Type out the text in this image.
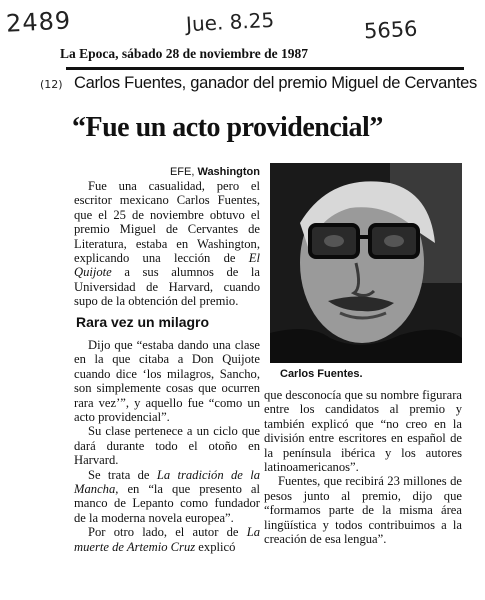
2489	Jue. 8.25	5656
(12)
La Epoca, sábado 28 de noviembre de 1987
Carlos Fuentes, ganador del premio Miguel de Cervantes
“Fue un acto providencial”
EFE, Washington

Fue una casualidad, pero el escritor mexicano Carlos Fuentes, que el 25 de noviembre obtuvo el premio Miguel de Cervantes de Literatura, estaba en Washington, explicando una lección de El Quijote a sus alumnos de la Universidad de Harvard, cuando supo de la obtención del premio.

Rara vez un milagro

Dijo que “estaba dando una clase en la que citaba a Don Quijote cuando dice ‘los milagros, Sancho, son simplemente cosas que ocurren rara vez’”, y aquello fue “como un acto providencial”.

Su clase pertenece a un ciclo que dará durante todo el otoño en Harvard.

Se trata de La tradición de la Mancha, en “la que presento al manco de Lepanto como fundador de la moderna novela europea”.

Por otro lado, el autor de La muerte de Artemio Cruz explicó

Carlos Fuentes.

que desconocía que su nombre figurara entre los candidatos al premio y también explicó que “no creo en la división entre escritores en español de la península ibérica y los autores latinoamericanos”.

Fuentes, que recibirá 23 millones de pesos junto al premio, dijo que “formamos parte de la misma área lingüística y todos contribuimos a la creación de esa lengua”.
